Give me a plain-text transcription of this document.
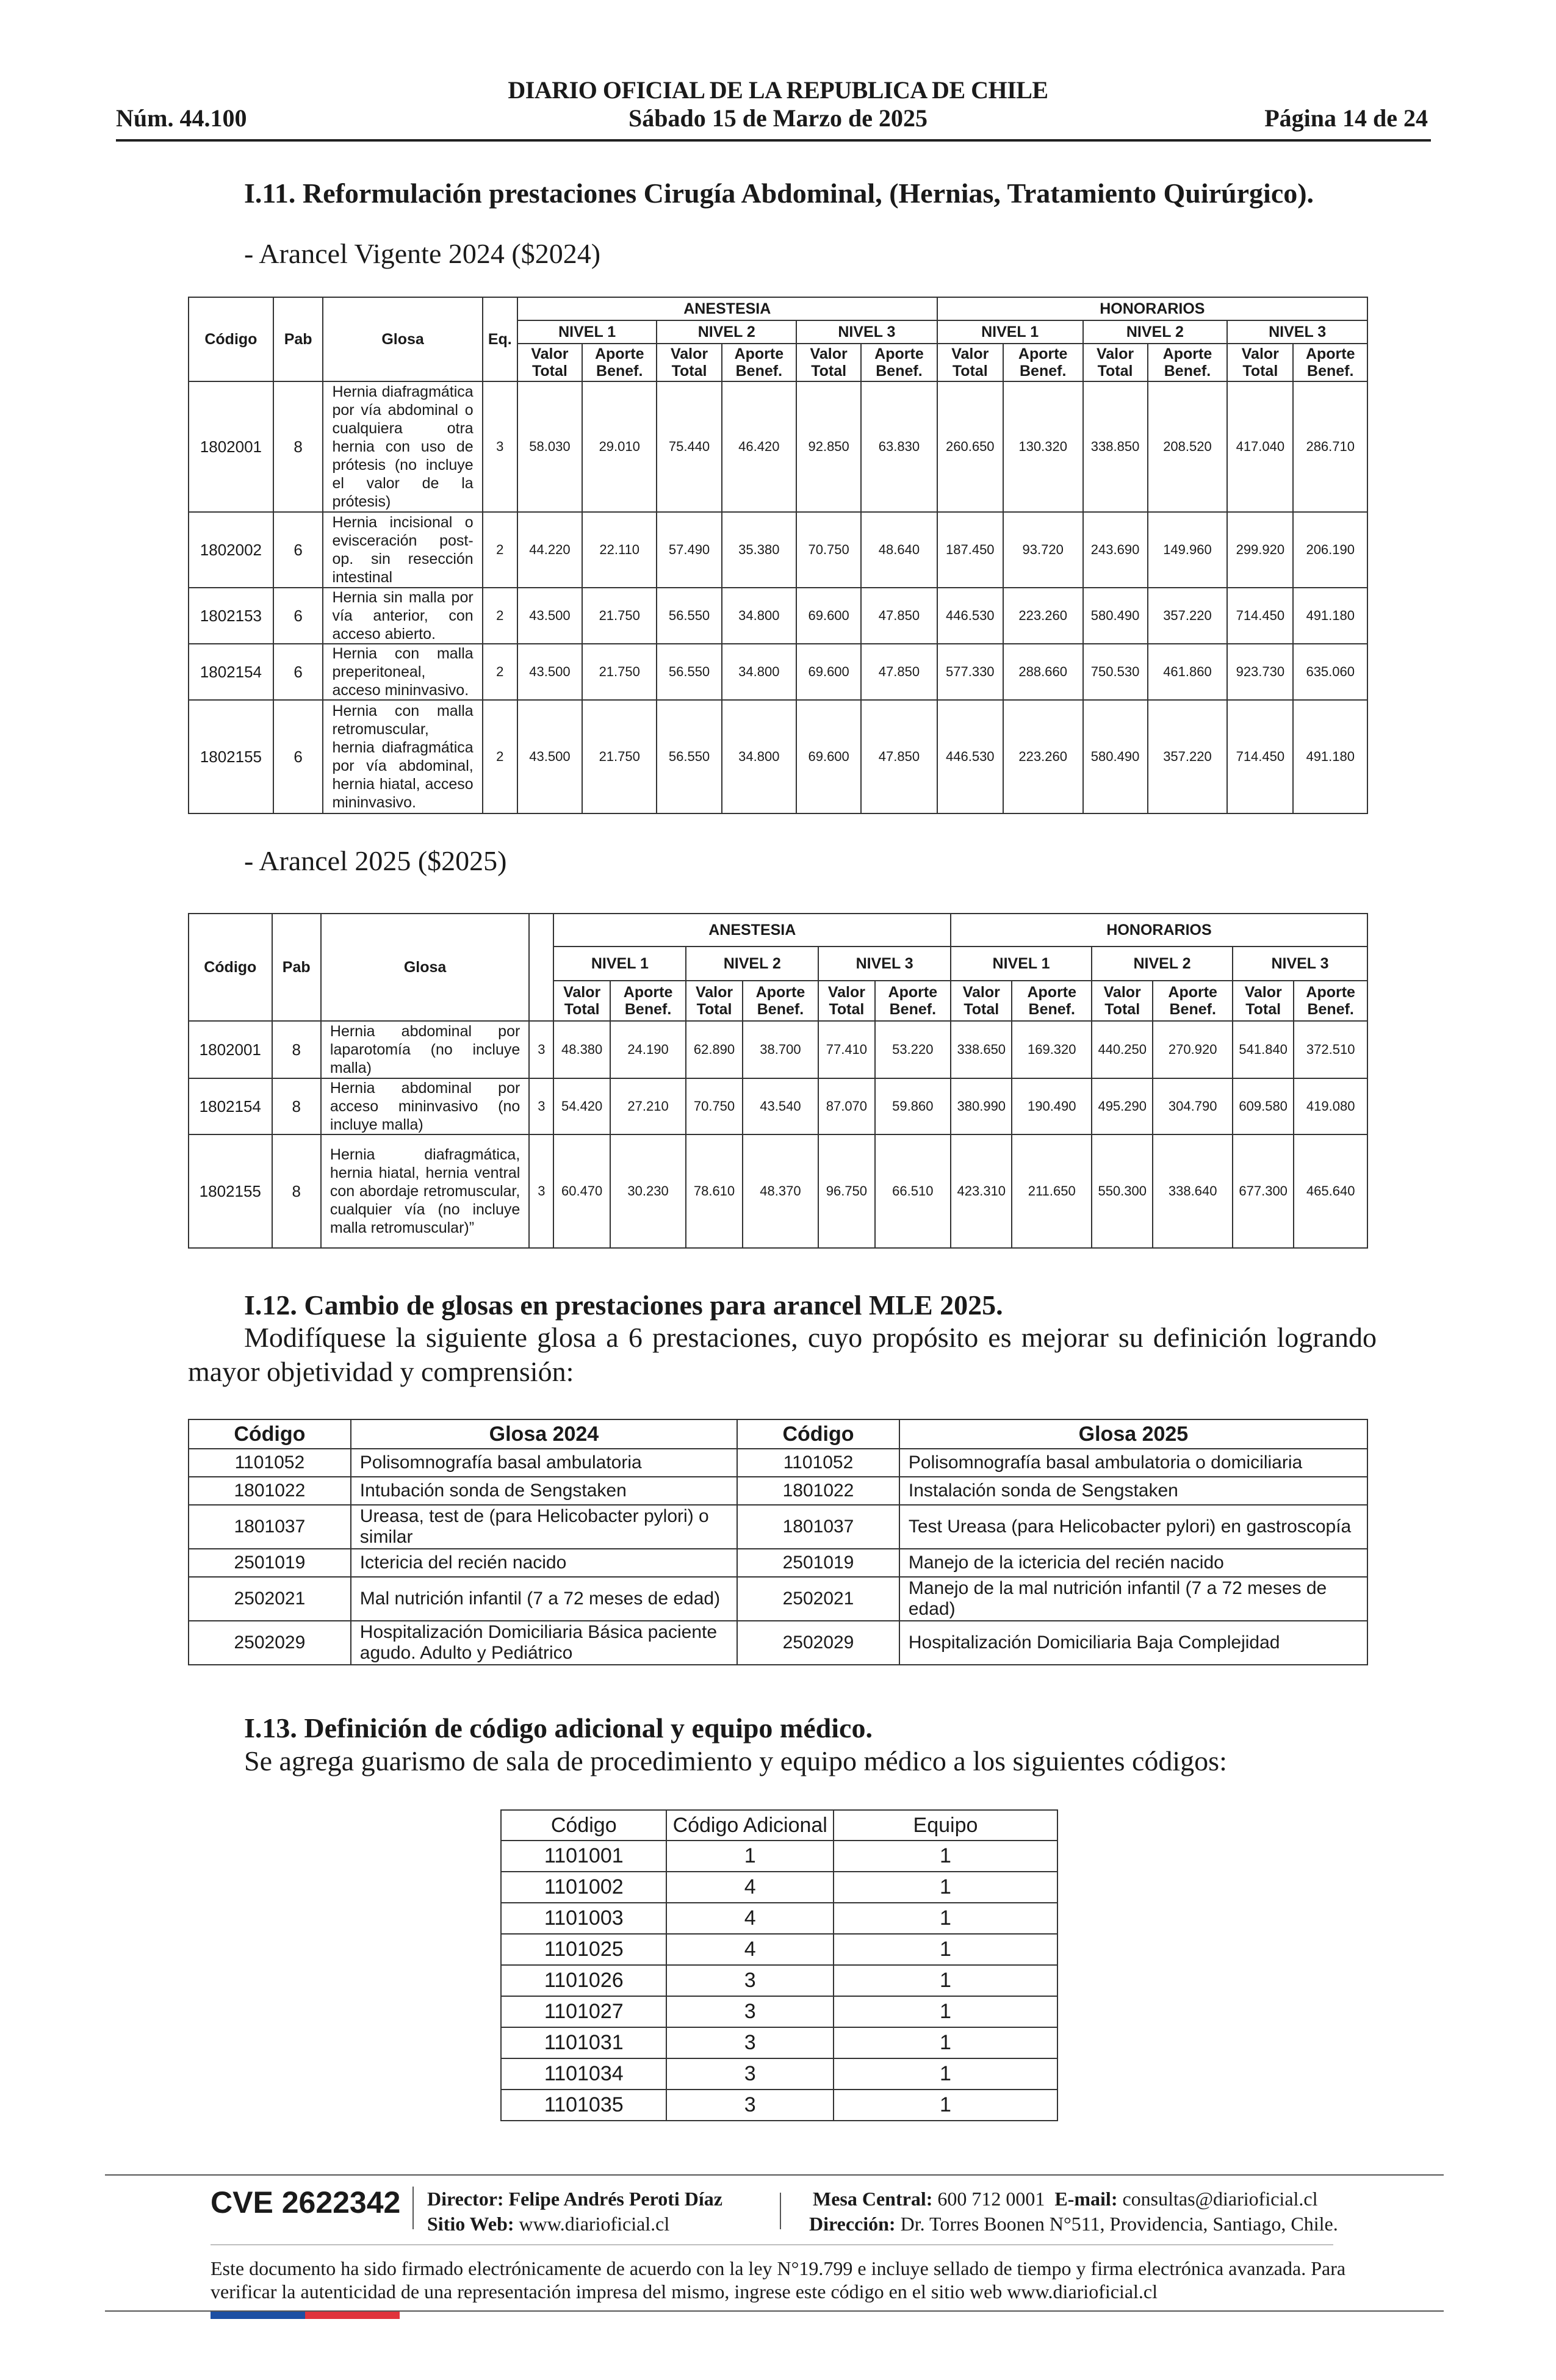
DIARIO OFICIAL DE LA REPUBLICA DE CHILE
Núm. 44.100	Sábado 15 de Marzo de 2025	Página 14 de 24
I.11. Reformulación prestaciones Cirugía Abdominal, (Hernias, Tratamiento Quirúrgico).
- Arancel Vigente 2024 ($2024)
Código	Pab	Glosa	Eq.	ANESTESIA						HONORARIOS					
				NIVEL 1		NIVEL 2		NIVEL 3		NIVEL 1		NIVEL 2		NIVEL 3	
				Valor Total	Aporte Benef.	Valor Total	Aporte Benef.	Valor Total	Aporte Benef.	Valor Total	Aporte Benef.	Valor Total	Aporte Benef.	Valor Total	Aporte Benef.
1802001	8	Hernia diafragmática por vía abdominal o cualquiera otra hernia con uso de prótesis (no incluye el valor de la prótesis)	3	58.030	29.010	75.440	46.420	92.850	63.830	260.650	130.320	338.850	208.520	417.040	286.710
1802002	6	Hernia incisional o evisceración post-op. sin resección intestinal	2	44.220	22.110	57.490	35.380	70.750	48.640	187.450	93.720	243.690	149.960	299.920	206.190
1802153	6	Hernia sin malla por vía anterior, con acceso abierto.	2	43.500	21.750	56.550	34.800	69.600	47.850	446.530	223.260	580.490	357.220	714.450	491.180
1802154	6	Hernia con malla preperitoneal, acceso mininvasivo.	2	43.500	21.750	56.550	34.800	69.600	47.850	577.330	288.660	750.530	461.860	923.730	635.060
1802155	6	Hernia con malla retromuscular, hernia diafragmática por vía abdominal, hernia hiatal, acceso mininvasivo.	2	43.500	21.750	56.550	34.800	69.600	47.850	446.530	223.260	580.490	357.220	714.450	491.180
- Arancel 2025 ($2025)
Código	Pab	Glosa		ANESTESIA						HONORARIOS					
				NIVEL 1		NIVEL 2		NIVEL 3		NIVEL 1		NIVEL 2		NIVEL 3	
				Valor Total	Aporte Benef.	Valor Total	Aporte Benef.	Valor Total	Aporte Benef.	Valor Total	Aporte Benef.	Valor Total	Aporte Benef.	Valor Total	Aporte Benef.
1802001	8	Hernia abdominal por laparotomía (no incluye malla)	3	48.380	24.190	62.890	38.700	77.410	53.220	338.650	169.320	440.250	270.920	541.840	372.510
1802154	8	Hernia abdominal por acceso mininvasivo (no incluye malla)	3	54.420	27.210	70.750	43.540	87.070	59.860	380.990	190.490	495.290	304.790	609.580	419.080
1802155	8	Hernia diafragmática, hernia hiatal, hernia ventral con abordaje retromuscular, cualquier vía (no incluye malla retromuscular)”	3	60.470	30.230	78.610	48.370	96.750	66.510	423.310	211.650	550.300	338.640	677.300	465.640
I.12. Cambio de glosas en prestaciones para arancel MLE 2025.
Modifíquese la siguiente glosa a 6 prestaciones, cuyo propósito es mejorar su definición logrando mayor objetividad y comprensión:
Código	Glosa 2024	Código	Glosa 2025
1101052	Polisomnografía basal ambulatoria	1101052	Polisomnografía basal ambulatoria o domiciliaria
1801022	Intubación sonda de Sengstaken	1801022	Instalación sonda de Sengstaken
1801037	Ureasa, test de (para Helicobacter pylori) o similar	1801037	Test Ureasa (para Helicobacter pylori) en gastroscopía
2501019	Ictericia del recién nacido	2501019	Manejo de la ictericia del recién nacido
2502021	Mal nutrición infantil (7 a 72 meses de edad)	2502021	Manejo de la mal nutrición infantil (7 a 72 meses de edad)
2502029	Hospitalización Domiciliaria Básica paciente agudo. Adulto y Pediátrico	2502029	Hospitalización Domiciliaria Baja Complejidad
I.13. Definición de código adicional y equipo médico.
Se agrega guarismo de sala de procedimiento y equipo médico a los siguientes códigos:
Código	Código Adicional	Equipo
1101001	1	1
1101002	4	1
1101003	4	1
1101025	4	1
1101026	3	1
1101027	3	1
1101031	3	1
1101034	3	1
1101035	3	1
CVE 2622342 Director: Felipe Andrés Peroti Díaz
Sitio Web: www.diarioficial.cl
Mesa Central: 600 712 0001 E-mail: consultas@diarioficial.cl
Dirección: Dr. Torres Boonen N°511, Providencia, Santiago, Chile.
Este documento ha sido firmado electrónicamente de acuerdo con la ley N°19.799 e incluye sellado de tiempo y firma electrónica avanzada. Para verificar la autenticidad de una representación impresa del mismo, ingrese este código en el sitio web www.diarioficial.cl
